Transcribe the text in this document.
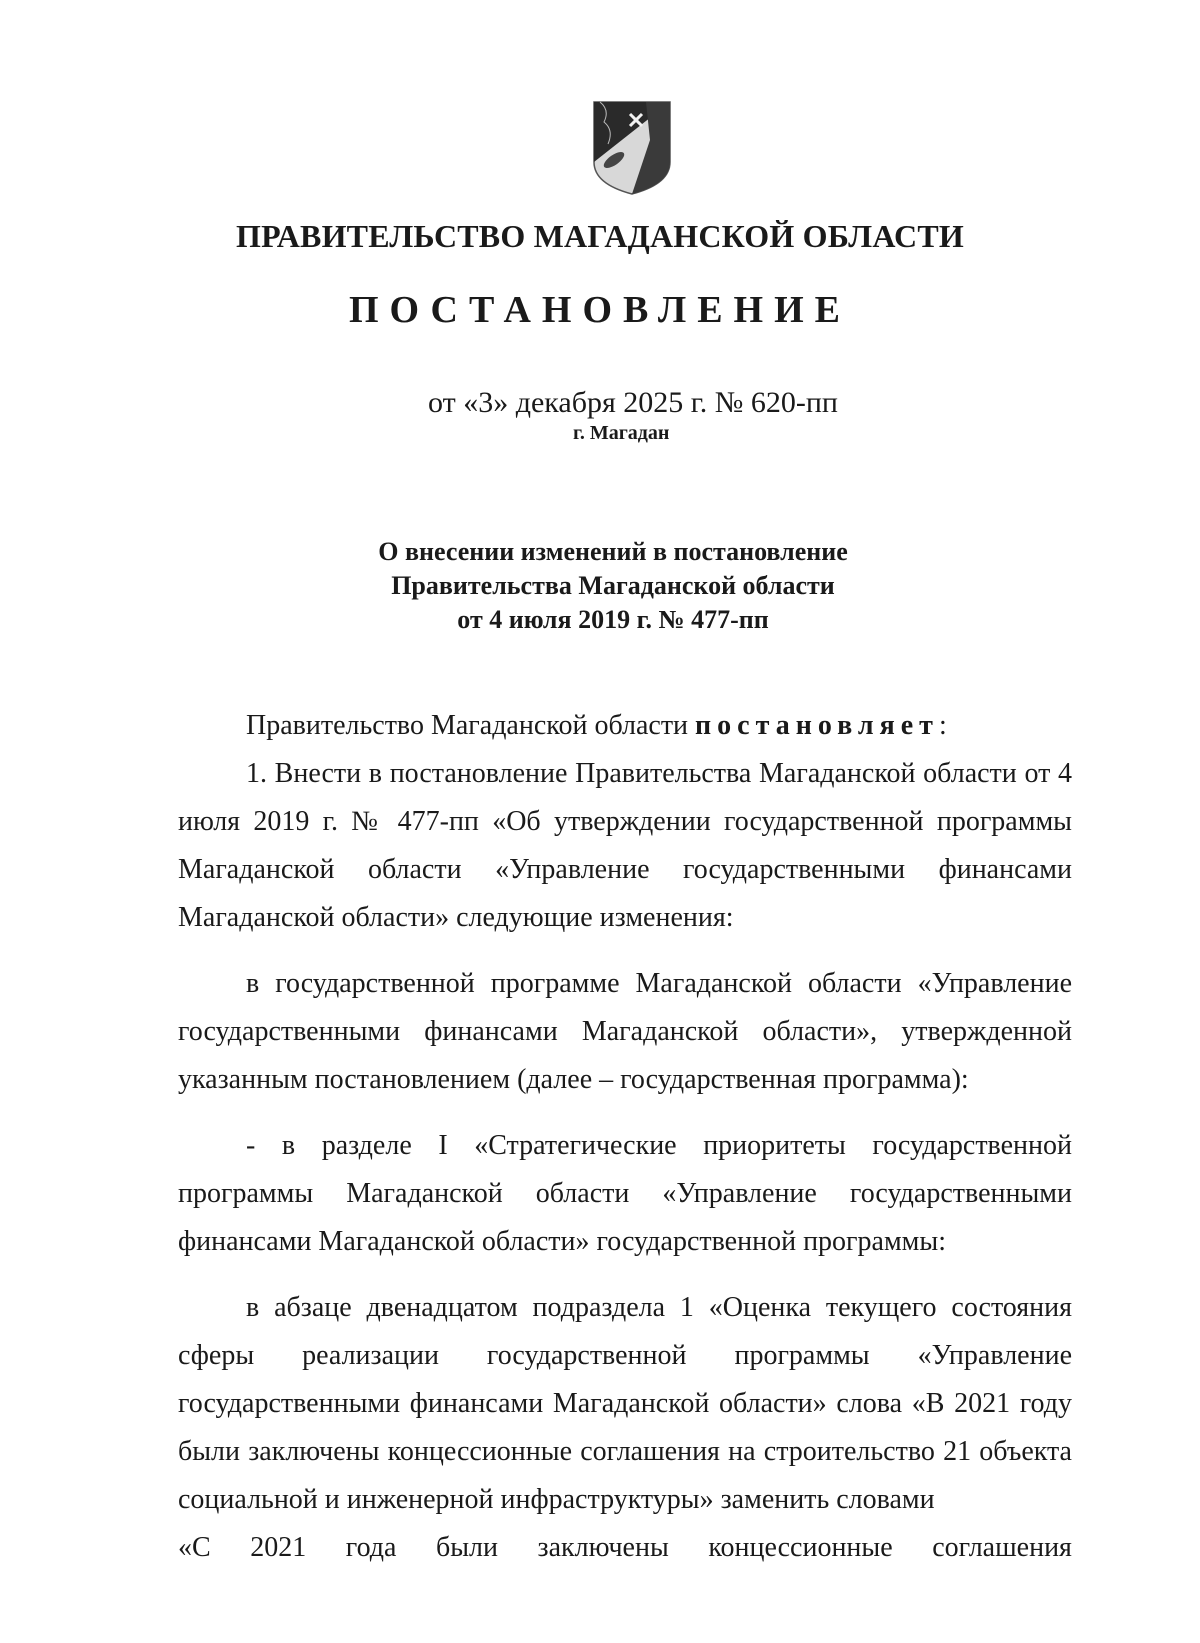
ПРАВИТЕЛЬСТВО МАГАДАНСКОЙ ОБЛАСТИ
ПОСТАНОВЛЕНИЕ
от «3» декабря 2025 г. № 620-пп
г. Магадан
О внесении изменений в постановление
Правительства Магаданской области
от 4 июля 2019 г. № 477-пп

Правительство Магаданской области постановляет:

1. Внести в постановление Правительства Магаданской области от 4 июля 2019 г. № 477-пп «Об утверждении государственной программы Магаданской области «Управление государственными финансами Магаданской области» следующие изменения:

в государственной программе Магаданской области «Управление государственными финансами Магаданской области», утвержденной указанным постановлением (далее – государственная программа):

- в разделе I «Стратегические приоритеты государственной программы Магаданской области «Управление государственными финансами Магаданской области» государственной программы:

в абзаце двенадцатом подраздела 1 «Оценка текущего состояния сферы реализации государственной программы «Управление государственными финансами Магаданской области» слова «В 2021 году были заключены концессионные соглашения на строительство 21 объекта социальной и инженерной инфраструктуры» заменить словами

«С 2021 года были заключены концессионные соглашения
